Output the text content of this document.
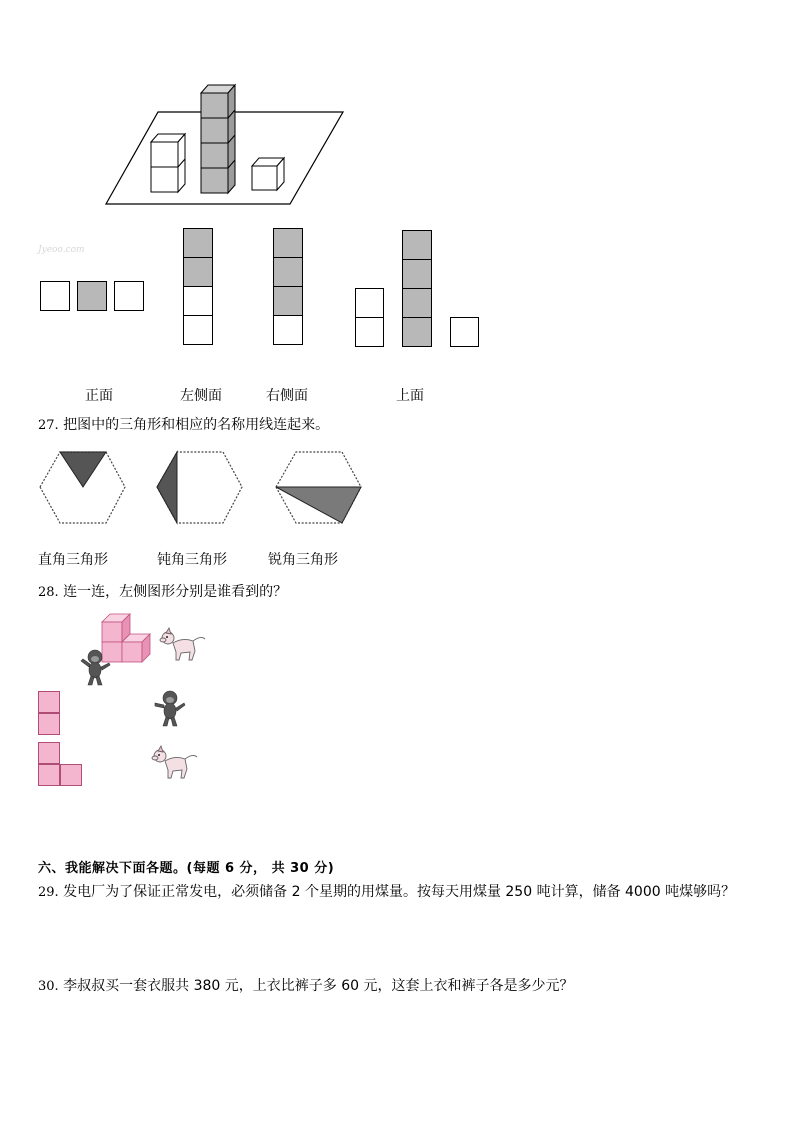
Jyeoo.com
正面	左侧面	右侧面	上面
27. 把图中的三角形和相应的名称用线连起来。
直角三角形	钝角三角形	锐角三角形
28. 连一连，左侧图形分别是谁看到的？
六、我能解决下面各题。(每题 6 分， 共 30 分)
29. 发电厂为了保证正常发电，必须储备 2 个星期的用煤量。按每天用煤量 250 吨计算，储备 4000 吨煤够吗？
30. 李叔叔买一套衣服共 380 元，上衣比裤子多 60 元，这套上衣和裤子各是多少元？
